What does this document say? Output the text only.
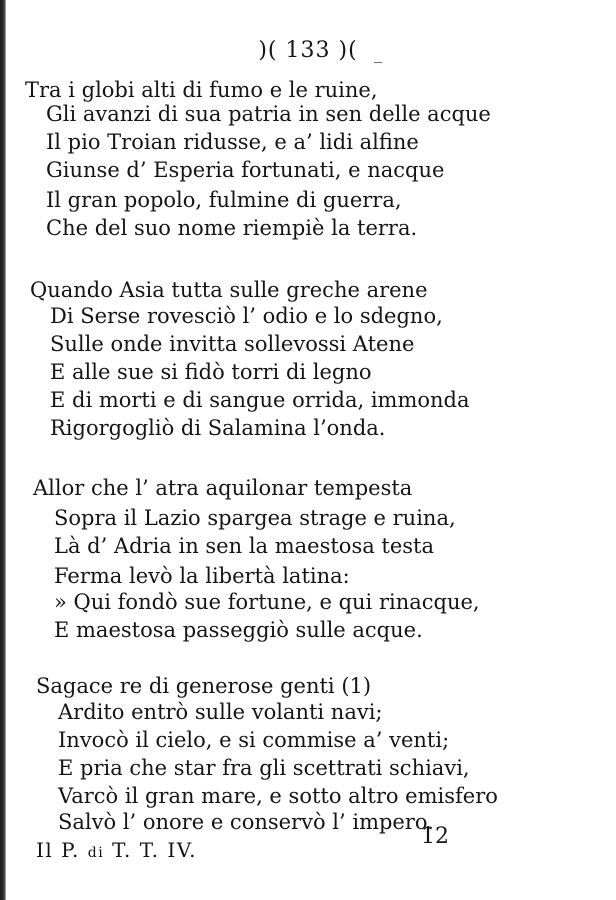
)( 133 )(
Tra i globi alti di fumo e le ruine,
Gli avanzi di sua patria in sen delle acque
Il pio Troian ridusse, e a’ lidi alfine
Giunse d’ Esperia fortunati, e nacque
Il gran popolo, fulmine di guerra,
Che del suo nome riempiè la terra.
Quando Asia tutta sulle greche arene
Di Serse rovesciò l’ odio e lo sdegno,
Sulle onde invitta sollevossi Atene
E alle sue si fidò torri di legno
E di morti e di sangue orrida, immonda
Rigorgogliò di Salamina l’onda.
Allor che l’ atra aquilonar tempesta
Sopra il Lazio spargea strage e ruina,
Là d’ Adria in sen la maestosa testa
Ferma levò la libertà latina:
» Qui fondò sue fortune, e qui rinacque,
E maestosa passeggiò sulle acque.
Sagace re di generose genti (1)
Ardito entrò sulle volanti navi;
Invocò il cielo, e si commise a’ venti;
E pria che star fra gli scettrati schiavi,
Varcò il gran mare, e sotto altro emisfero
Salvò l’ onore e conservò l’ impero.
Il P. di T. T. IV.
12
